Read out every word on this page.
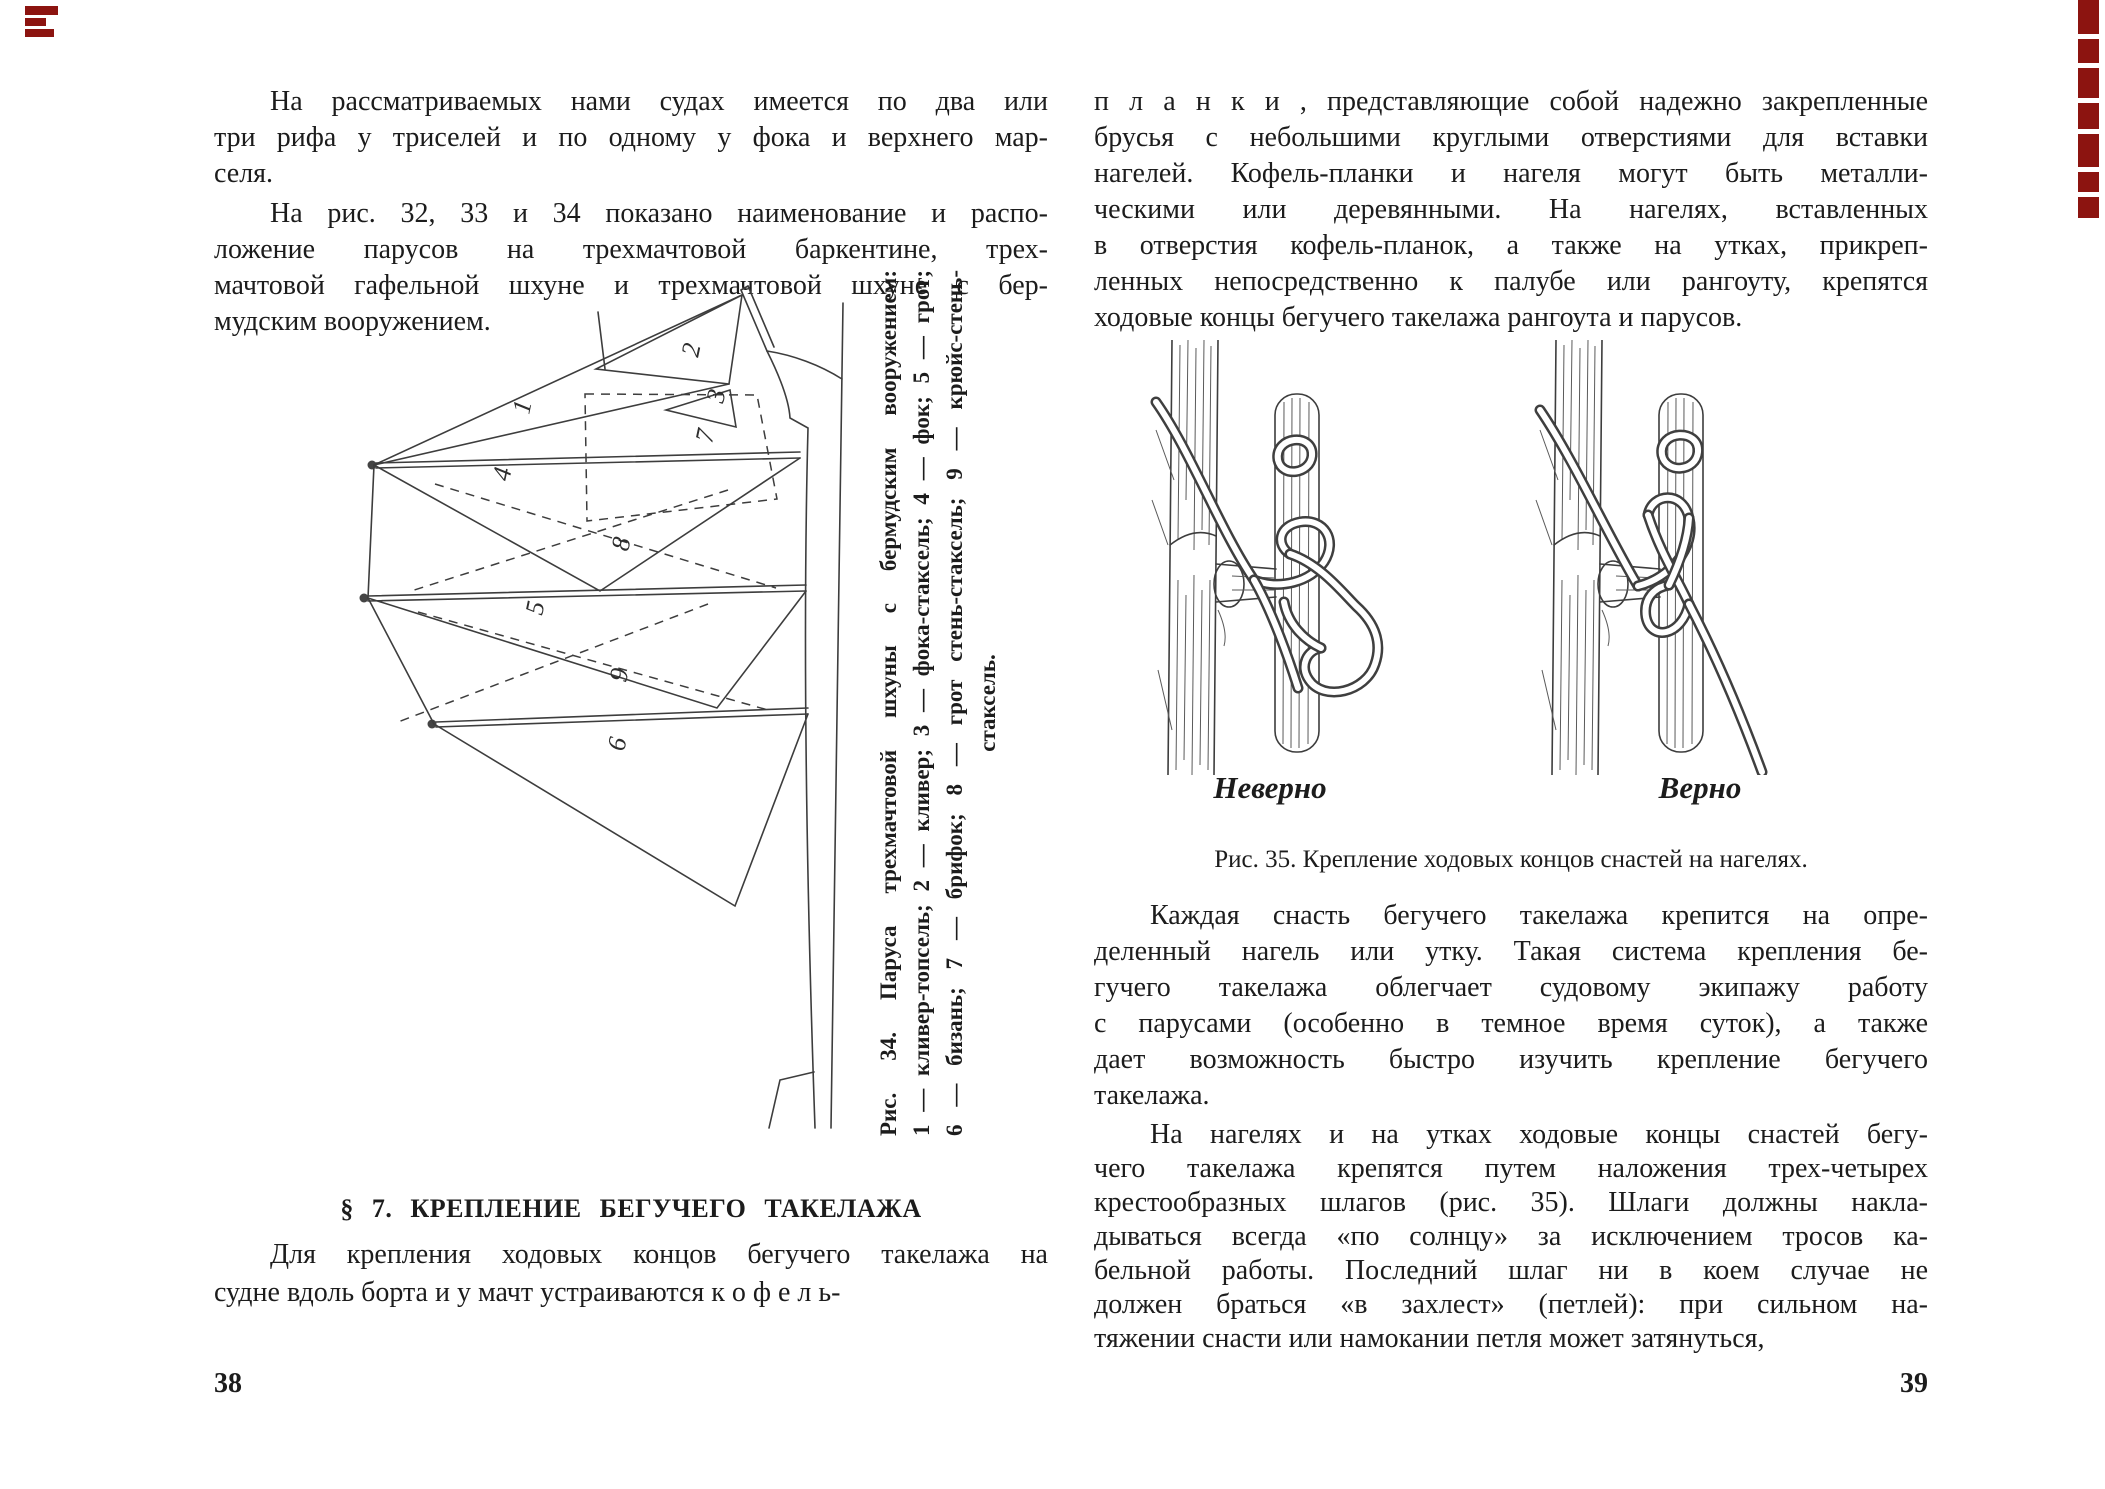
На рассматриваемых нами судах имеется по два или
три рифа у триселей и по одному у фока и верхнего мар-
селя.
На рис. 32, 33 и 34 показано наименование и распо-
ложение парусов на трехмачтовой баркентине, трех-
мачтовой гафельной шхуне и трехмачтовой шхуне с бер-
мудским вооружением.
§ 7. КРЕПЛЕНИЕ БЕГУЧЕГО ТАКЕЛАЖА
Для крепления ходовых концов бегучего такелажа на
судне вдоль борта и у мачт устраиваются к о ф е л ь-
38
1
2
3
4
5
6
7
8
9	Рис. 34. Паруса трехмачтовой шхуны с бермудским вооружением: 1 — кливер-топсель; 2 — кливер; 3 — фока-стаксель; 4 — фок; 5 — грот; 6 — бизань; 7 — брифок; 8 — грот стень-стаксель; 9 — крюйс-стень- стаксель.
п л а н к и , представляющие собой надежно закрепленные
брусья с небольшими круглыми отверстиями для вставки
нагелей. Кофель-планки и нагеля могут быть металли-
ческими или деревянными. На нагелях, вставленных
в отверстия кофель-планок, а также на утках, прикреп-
ленных непосредственно к палубе или рангоуту, крепятся
ходовые концы бегучего такелажа рангоута и парусов.
Неверно	Верно
Рис. 35. Крепление ходовых концов снастей на нагелях.
Каждая снасть бегучего такелажа крепится на опре-
деленный нагель или утку. Такая система крепления бе-
гучего такелажа облегчает судовому экипажу работу
с парусами (особенно в темное время суток), а также
дает возможность быстро изучить крепление бегучего
такелажа.
На нагелях и на утках ходовые концы снастей бегу-
чего такелажа крепятся путем наложения трех-четырех
крестообразных шлагов (рис. 35). Шлаги должны накла-
дываться всегда «по солнцу» за исключением тросов ка-
бельной работы. Последний шлаг ни в коем случае не
должен браться «в захлест» (петлей): при сильном на-
тяжении снасти или намокании петля может затянуться,
39
